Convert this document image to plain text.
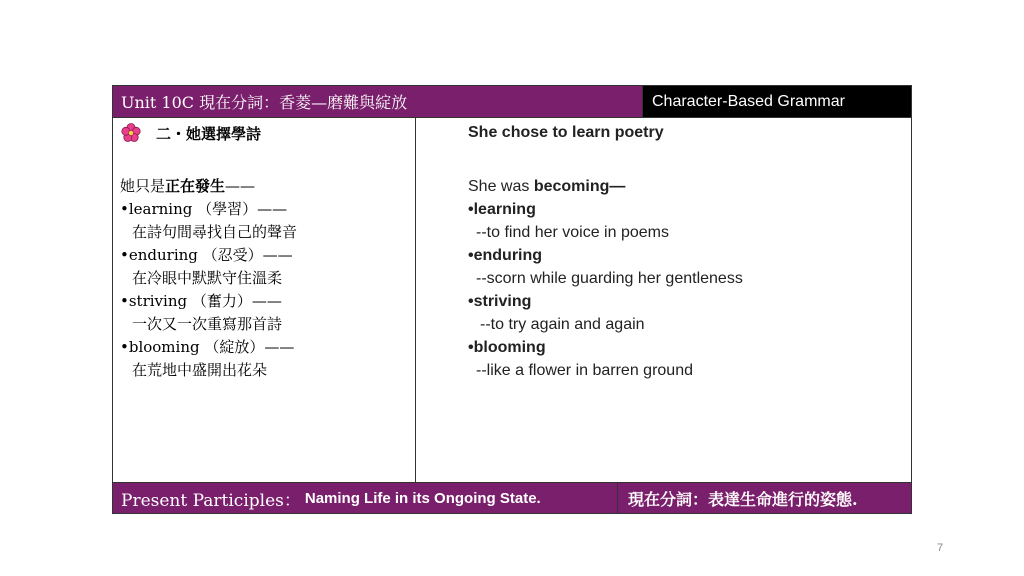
Unit 10C 現在分詞：香菱—磨難與綻放	Character-Based Grammar
二・她選擇學詩
她只是正在發生——
•learning （學習）——
在詩句間尋找自己的聲音
•enduring （忍受）——
在冷眼中默默守住溫柔
•striving （奮力）——
一次又一次重寫那首詩
•blooming （綻放）——
在荒地中盛開出花朵
She chose to learn poetry
She was becoming—
•learning
--to find her voice in poems
•enduring
--scorn while guarding her gentleness
•striving
--to try again and again
•blooming
--like a flower in barren ground
Present Participles： Naming Life in its Ongoing State.	現在分詞：表達生命進行的姿態.
7
